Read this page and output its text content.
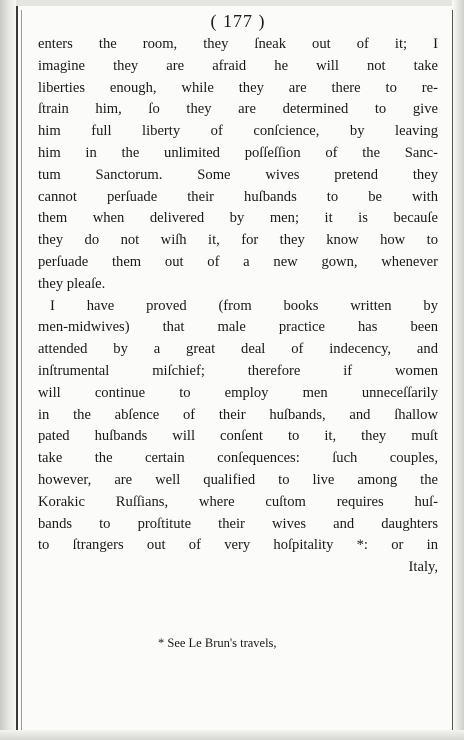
( 177 )
enters the room, they ſneak out of it; I
imagine they are afraid he will not take
liberties enough, while they are there to re-
ſtrain him, ſo they are determined to give
him full liberty of conſcience, by leaving
him in the unlimited poſſeſſion of the Sanc-
tum Sanctorum. Some wives pretend they
cannot perſuade their huſbands to be with
them when delivered by men; it is becauſe
they do not wiſh it, for they know how to
perſuade them out of a new gown, whenever
they pleaſe.
I have proved (from books written by
men-midwives) that male practice has been
attended by a great deal of indecency, and
inſtrumental miſchief; therefore if women
will continue to employ men unneceſſarily
in the abſence of their huſbands, and ſhallow
pated huſbands will conſent to it, they muſt
take the certain conſequences: ſuch couples,
however, are well qualified to live among the
Korakic Ruſſians, where cuſtom requires huſ-
bands to proſtitute their wives and daughters
to ſtrangers out of very hoſpitality *: or in
Italy,
* See Le Brun's travels,
